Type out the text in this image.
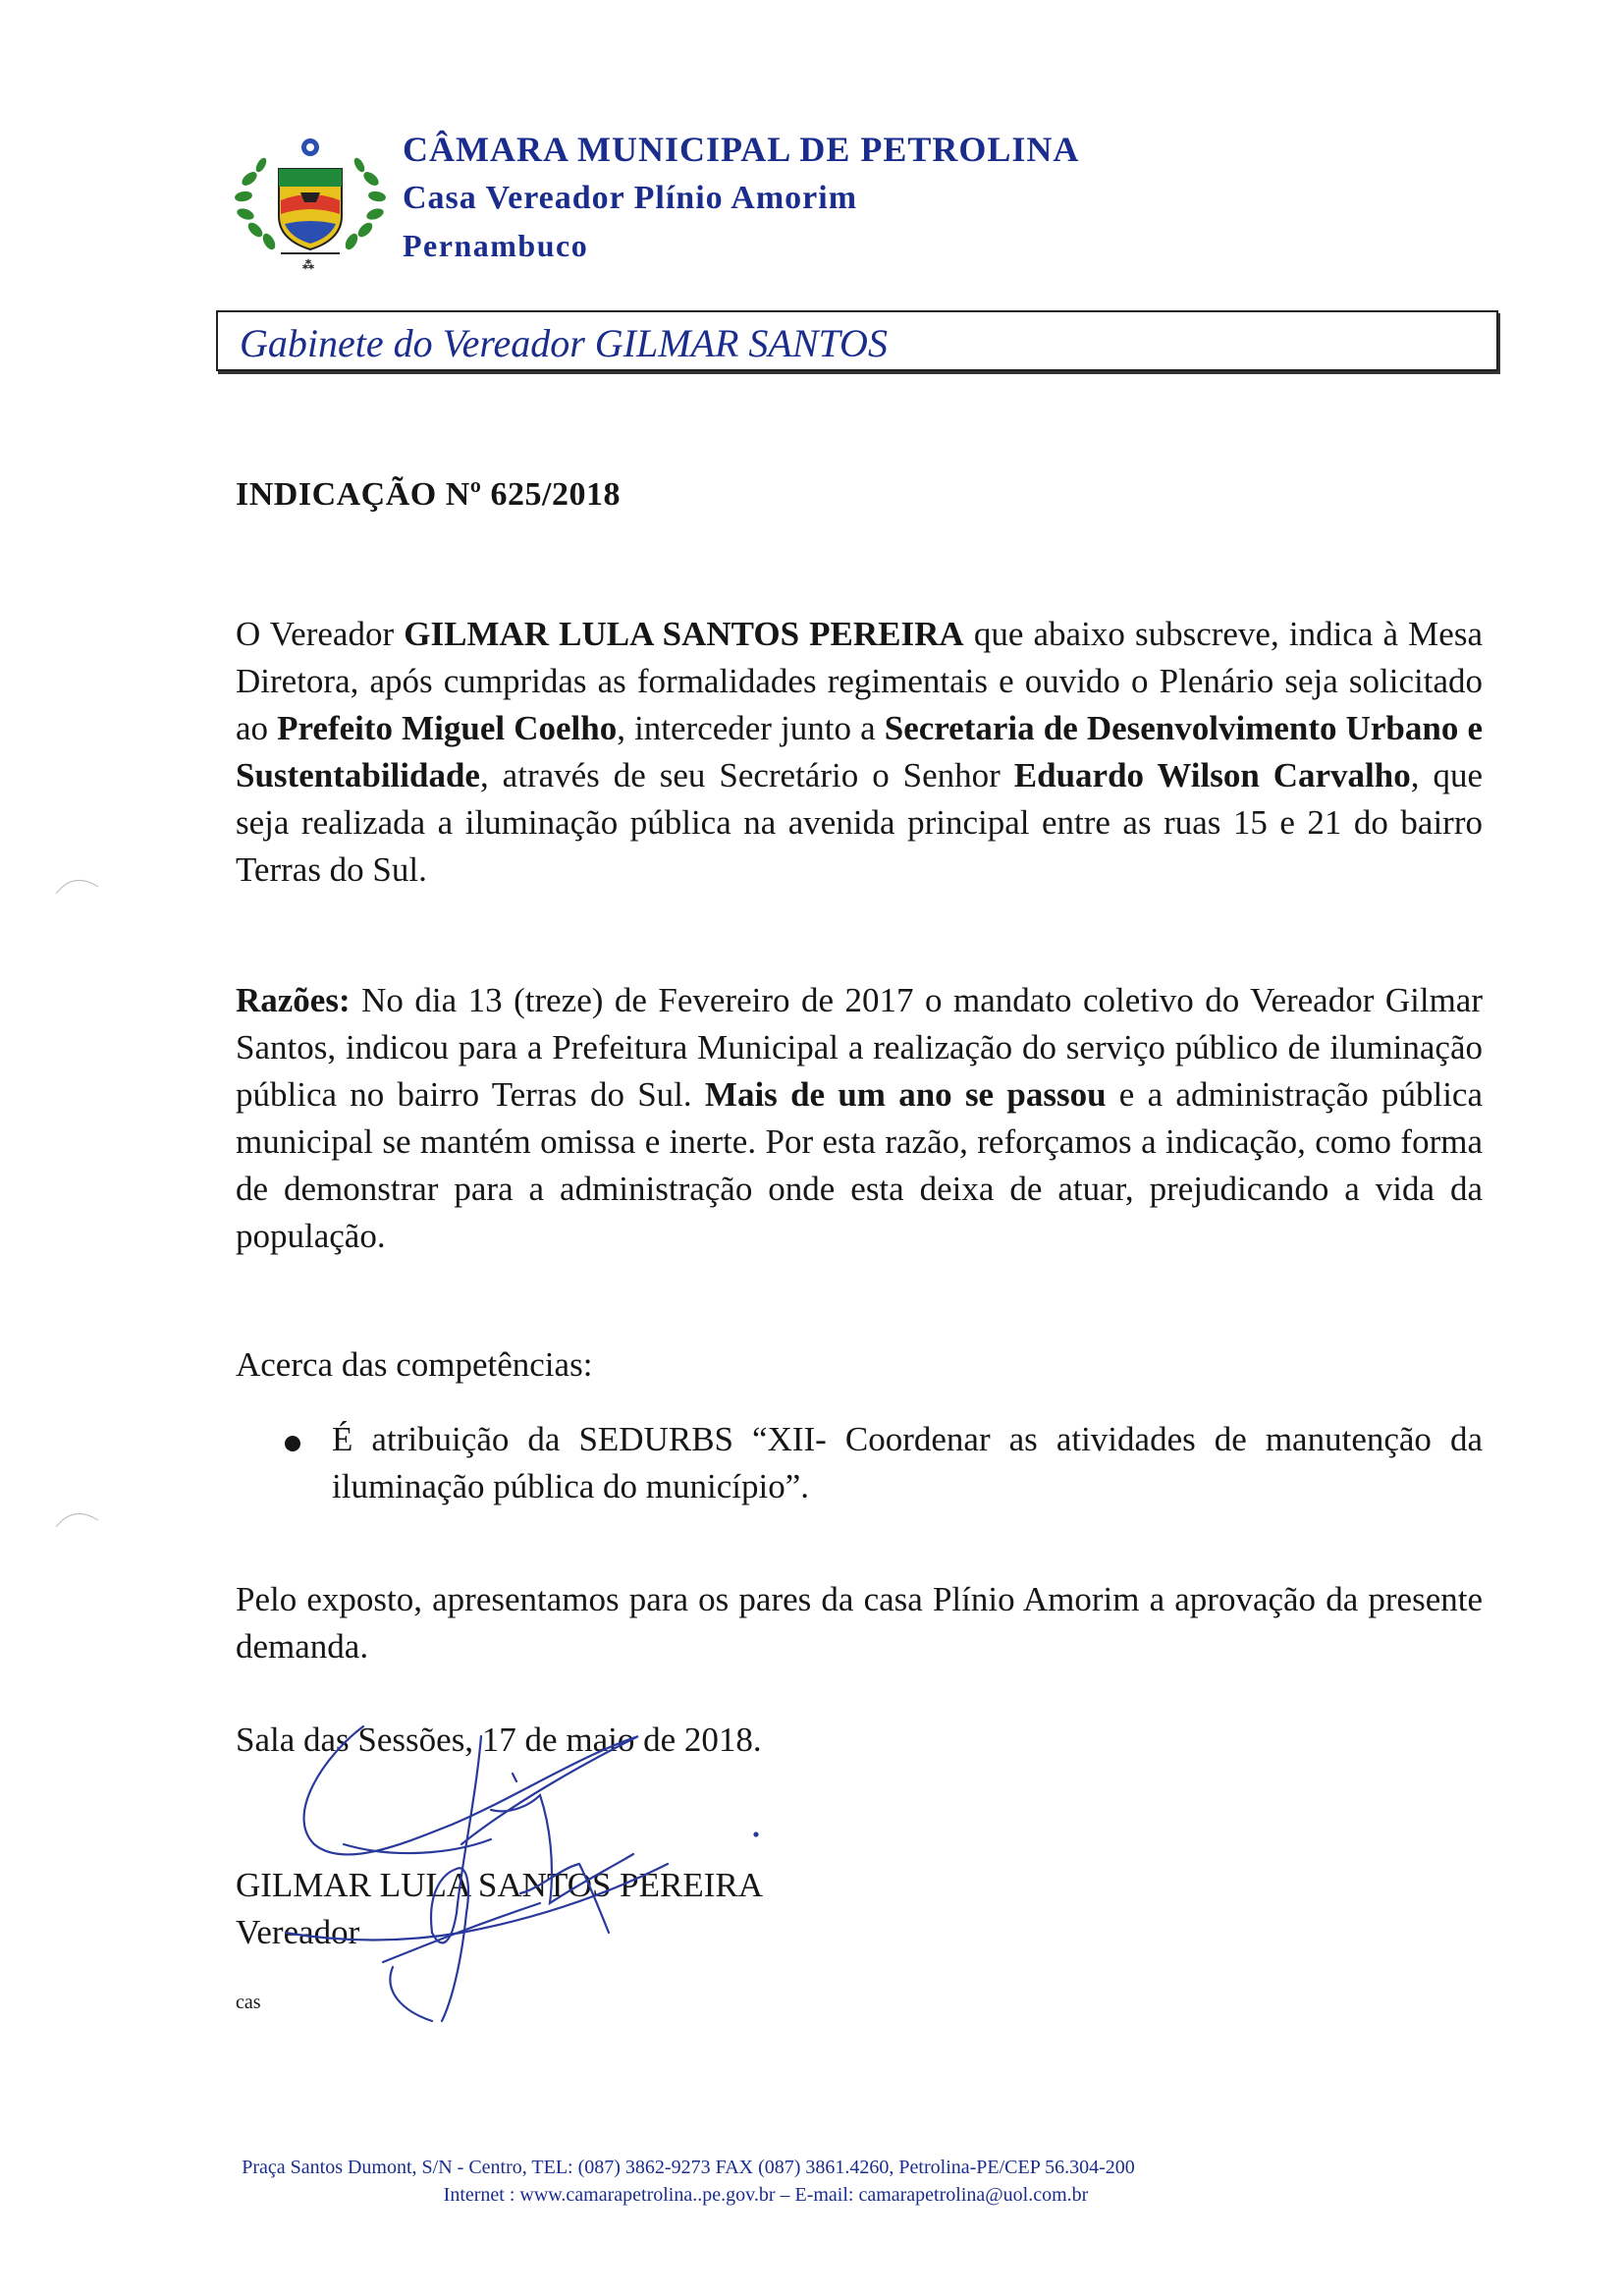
⁂
CÂMARA MUNICIPAL DE PETROLINA
Casa Vereador Plínio Amorim
Pernambuco
Gabinete do Vereador GILMAR SANTOS
INDICAÇÃO Nº 625/2018
O Vereador GILMAR LULA SANTOS PEREIRA que abaixo subscreve, indica à Mesa Diretora, após cumpridas as formalidades regimentais e ouvido o Plenário seja solicitado ao Prefeito Miguel Coelho, interceder junto a Secretaria de Desenvolvimento Urbano e Sustentabilidade, através de seu Secretário o Senhor Eduardo Wilson Carvalho, que seja realizada a iluminação pública na avenida principal entre as ruas 15 e 21 do bairro Terras do Sul.
Razões: No dia 13 (treze) de Fevereiro de 2017 o mandato coletivo do Vereador Gilmar Santos, indicou para a Prefeitura Municipal a realização do serviço público de iluminação pública no bairro Terras do Sul. Mais de um ano se passou e a administração pública municipal se mantém omissa e inerte. Por esta razão, reforçamos a indicação, como forma de demonstrar para a administração onde esta deixa de atuar, prejudicando a vida da população.
Acerca das competências:
É atribuição da SEDURBS “XII- Coordenar as atividades de manutenção da iluminação pública do município”.
Pelo exposto, apresentamos para os pares da casa Plínio Amorim a aprovação da presente demanda.
Sala das Sessões, 17 de maio de 2018.
GILMAR LULA SANTOS PEREIRA
Vereador
cas
Praça Santos Dumont, S/N - Centro, TEL: (087) 3862-9273 FAX (087) 3861.4260, Petrolina-PE/CEP 56.304-200
Internet : www.camarapetrolina..pe.gov.br – E-mail: camarapetrolina@uol.com.br
